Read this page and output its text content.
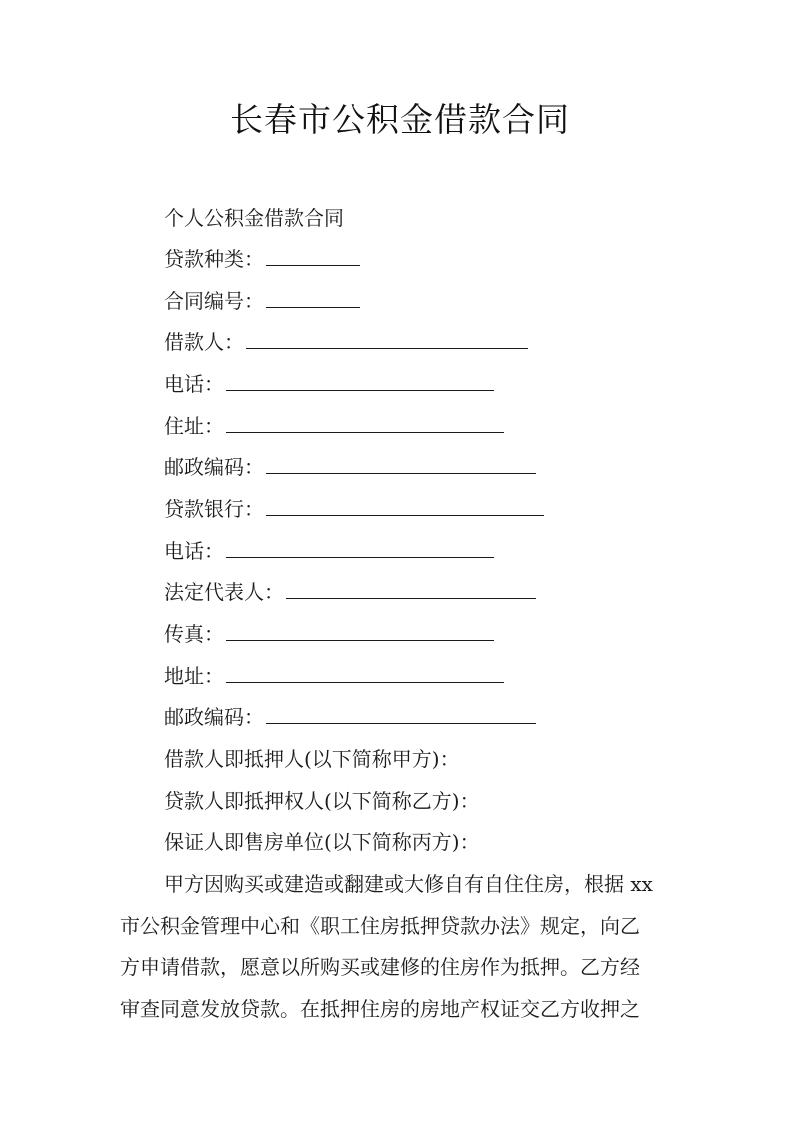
长春市公积金借款合同
个人公积金借款合同
贷款种类：
合同编号：
借款人：
电话：
住址：
邮政编码：
贷款银行：
电话：
法定代表人：
传真：
地址：
邮政编码：
借款人即抵押人(以下简称甲方)：
贷款人即抵押权人(以下简称乙方)：
保证人即售房单位(以下简称丙方)：
甲方因购买或建造或翻建或大修自有自住住房，根据 xx
市公积金管理中心和《职工住房抵押贷款办法》规定，向乙
方申请借款，愿意以所购买或建修的住房作为抵押。乙方经
审查同意发放贷款。在抵押住房的房地产权证交乙方收押之
